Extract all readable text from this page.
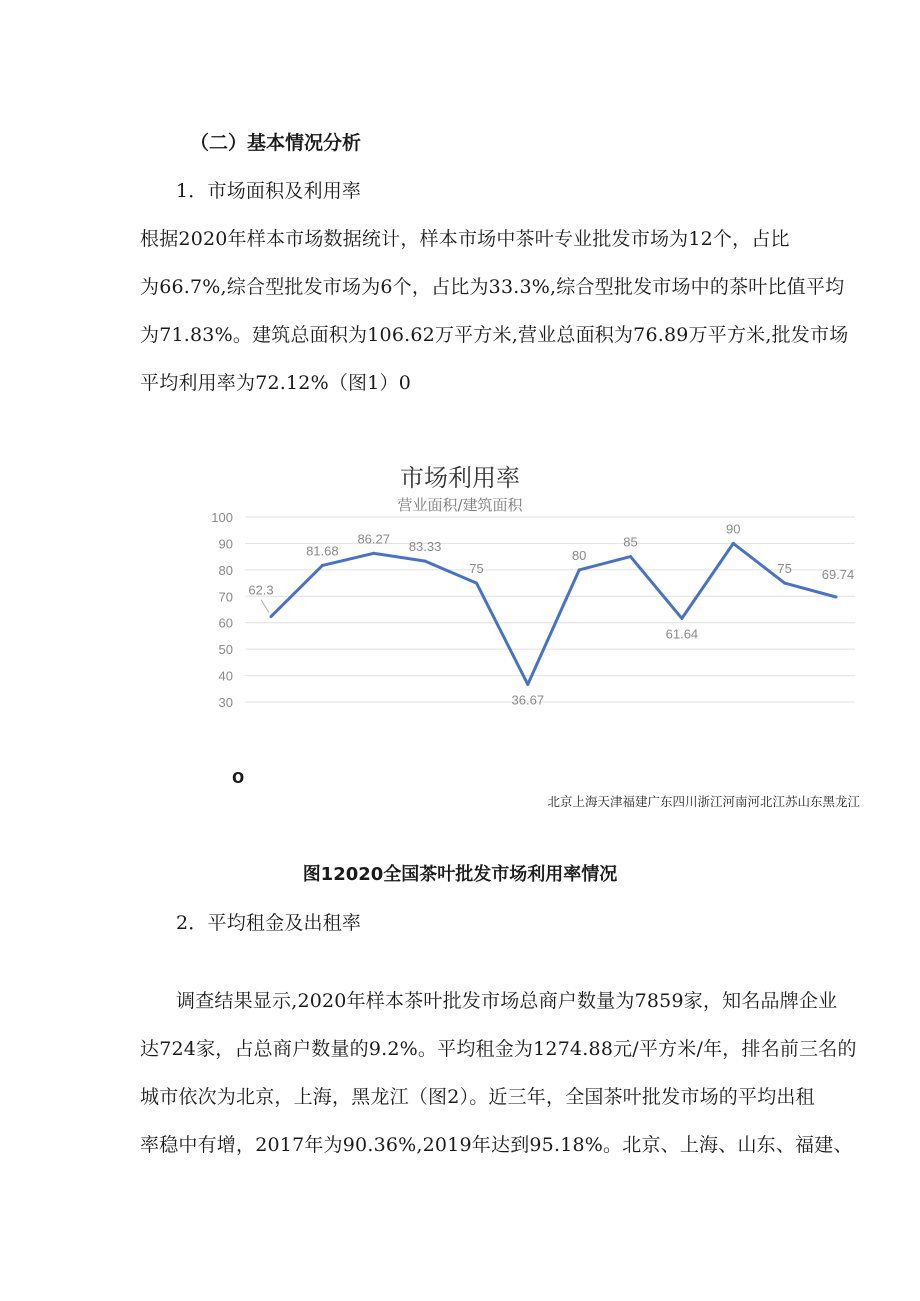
（二）基本情况分析
1．市场面积及利用率
根据2020年样本市场数据统计，样本市场中茶叶专业批发市场为12个，占比
为66.7%,综合型批发市场为6个，占比为33.3%,综合型批发市场中的茶叶比值平均
为71.83%。建筑总面积为106.62万平方米,营业总面积为76.89万平方米,批发市场
平均利用率为72.12%（图1）0
市场利用率
营业面积/建筑面积
100
90
80
70
60
50
40
30
62.3
81.68
86.27
83.33
75
36.67
80
85
61.64
90
75 69.74
o
北京上海天津福建广东四川浙江河南河北江苏山东黑龙江
图12020全国茶叶批发市场利用率情况
2．平均租金及出租率
调查结果显示,2020年样本茶叶批发市场总商户数量为7859家，知名品牌企业
达724家，占总商户数量的9.2%。平均租金为1274.88元/平方米/年，排名前三名的
城市依次为北京，上海，黑龙江（图2）。近三年，全国茶叶批发市场的平均出租
率稳中有增，2017年为90.36%,2019年达到95.18%。北京、上海、山东、福建、
